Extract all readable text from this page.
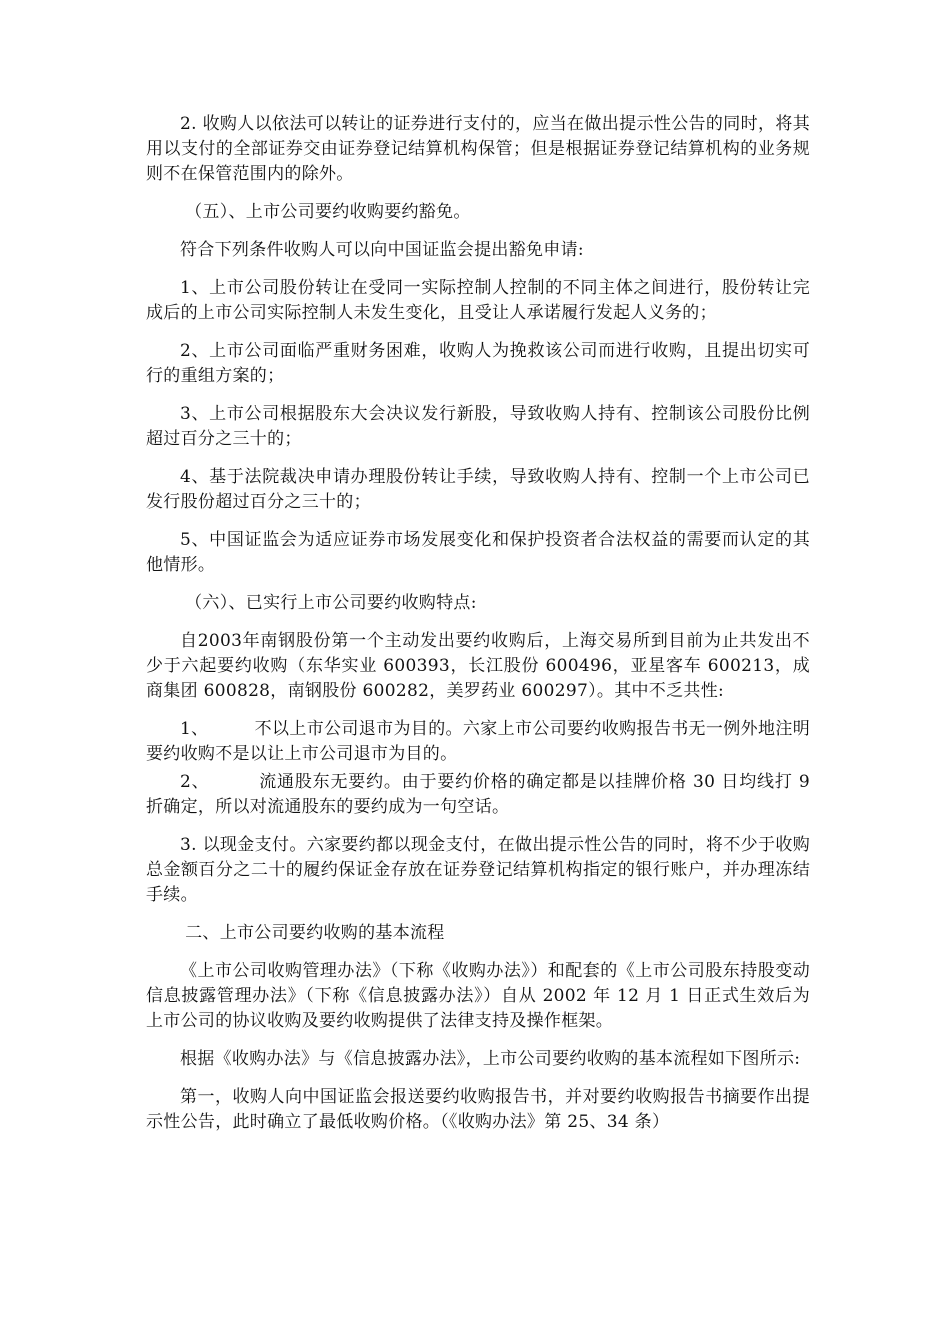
2. 收购人以依法可以转让的证券进行支付的，应当在做出提示性公告的同时，将其用以支付的全部证券交由证券登记结算机构保管；但是根据证券登记结算机构的业务规则不在保管范围内的除外。

（五）、上市公司要约收购要约豁免。

符合下列条件收购人可以向中国证监会提出豁免申请:

1、上市公司股份转让在受同一实际控制人控制的不同主体之间进行，股份转让完成后的上市公司实际控制人未发生变化，且受让人承诺履行发起人义务的；

2、上市公司面临严重财务困难，收购人为挽救该公司而进行收购，且提出切实可行的重组方案的；

3、上市公司根据股东大会决议发行新股，导致收购人持有、控制该公司股份比例超过百分之三十的；

4、基于法院裁决申请办理股份转让手续，导致收购人持有、控制一个上市公司已发行股份超过百分之三十的；

5、中国证监会为适应证券市场发展变化和保护投资者合法权益的需要而认定的其他情形。

（六）、已实行上市公司要约收购特点:

自2003年南钢股份第一个主动发出要约收购后，上海交易所到目前为止共发出不少于六起要约收购（东华实业 600393，长江股份 600496，亚星客车 600213，成商集团 600828，南钢股份 600282，美罗药业 600297）。其中不乏共性:

1、        不以上市公司退市为目的。六家上市公司要约收购报告书无一例外地注明要约收购不是以让上市公司退市为目的。

2、        流通股东无要约。由于要约价格的确定都是以挂牌价格 30 日均线打 9 折确定，所以对流通股东的要约成为一句空话。

3. 以现金支付。六家要约都以现金支付，在做出提示性公告的同时，将不少于收购总金额百分之二十的履约保证金存放在证券登记结算机构指定的银行账户，并办理冻结手续。

二、上市公司要约收购的基本流程

《上市公司收购管理办法》（下称《收购办法》）和配套的《上市公司股东持股变动信息披露管理办法》（下称《信息披露办法》）自从 2002 年 12 月 1 日正式生效后为上市公司的协议收购及要约收购提供了法律支持及操作框架。

根据《收购办法》与《信息披露办法》，上市公司要约收购的基本流程如下图所示:

第一，收购人向中国证监会报送要约收购报告书，并对要约收购报告书摘要作出提示性公告，此时确立了最低收购价格。（《收购办法》第 25、34 条）
